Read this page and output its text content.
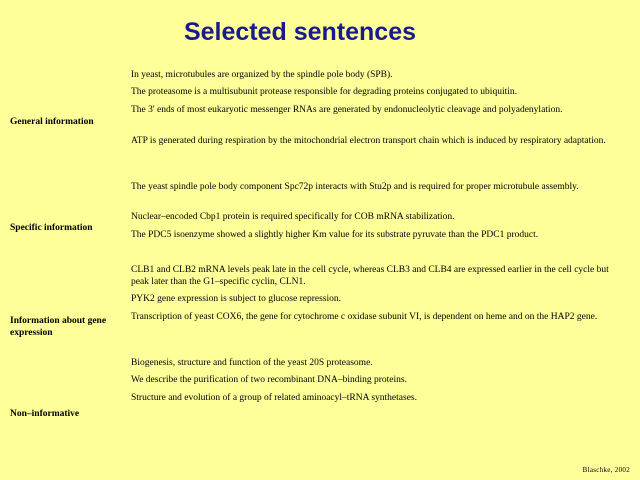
Selected sentences
General information
In yeast, microtubules are organized by the spindle pole body (SPB).
The proteasome is a multisubunit protease responsible for degrading proteins conjugated to ubiquitin.
The 3' ends of most eukaryotic messenger RNAs are generated by endonucleolytic cleavage and polyadenylation.
ATP is generated during respiration by the mitochondrial electron transport chain which is induced by respiratory adaptation.
Specific information
The yeast spindle pole body component Spc72p interacts with Stu2p and is required for proper microtubule assembly.
Nuclear–encoded Cbp1 protein is required specifically for COB mRNA stabilization.
The PDC5 isoenzyme showed a slightly higher Km value for its substrate pyruvate than the PDC1 product.
Information about gene expression
CLB1 and CLB2 mRNA levels peak late in the cell cycle, whereas CLB3 and CLB4 are expressed earlier in the cell cycle but peak later than the G1–specific cyclin, CLN1.
PYK2 gene expression is subject to glucose repression.
Transcription of yeast COX6, the gene for cytochrome c oxidase subunit VI, is dependent on heme and on the HAP2 gene.
Non–informative
Biogenesis, structure and function of the yeast 20S proteasome.
We describe the purification of two recombinant DNA–binding proteins.
Structure and evolution of a group of related aminoacyl–tRNA synthetases.
Blaschke, 2002
